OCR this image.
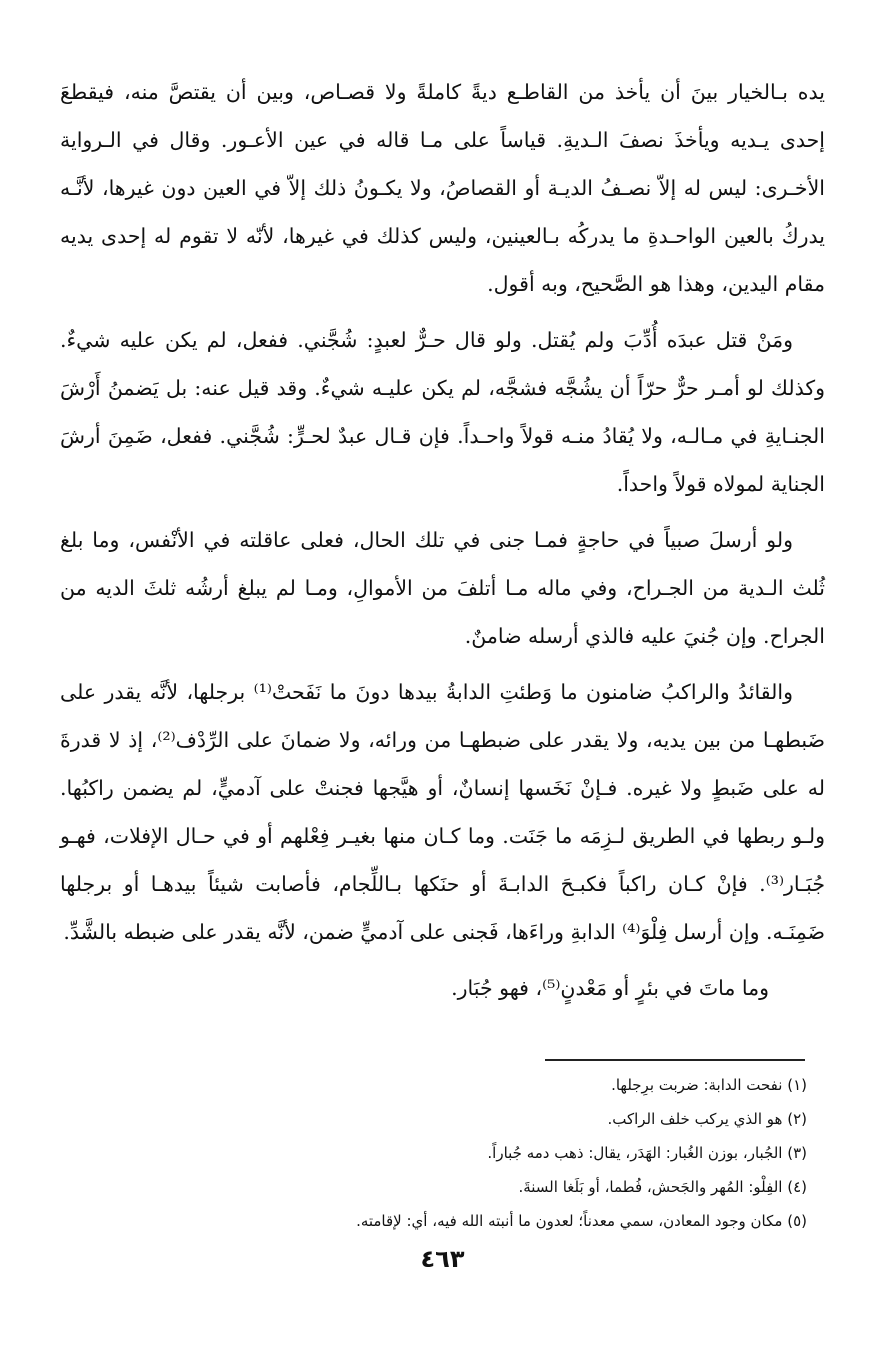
يده بـالخيار بينَ أن يأخذ من القاطـع ديةً كاملةً ولا قصـاص، وبين أن يقتصَّ منه، فيقطعَ إحدى يـديه ويأخذَ نصفَ الـديةِ. قياساً على مـا قاله في عين الأعـور. وقال في الـرواية الأخـرى: ليس له إلاّ نصـفُ الديـة أو القصاصُ، ولا يكـونُ ذلك إلاّ في العين دون غيرها، لأنَّـه يدركُ بالعين الواحـدةِ ما يدركُه بـالعينين، وليس كذلك في غيرها، لأنّه لا تقوم له إحدى يديه مقام اليدين، وهذا هو الصَّحيح، وبه أقول.

ومَنْ قتل عبدَه أُدِّبَ ولم يُقتل. ولو قال حـرٌّ لعبدٍ: شُجَّني. ففعل، لم يكن عليه شيءٌ. وكذلك لو أمـر حرٌّ حرّاً أن يشُجَّه فشجَّه، لم يكن عليـه شيءٌ. وقد قيل عنه: بل يَضمنُ أَرْشَ الجنـايةِ في مـالـه، ولا يُقادُ منـه قولاً واحـداً. فإن قـال عبدٌ لحـرٍّ: شُجَّني. ففعل، ضَمِنَ أرشَ الجناية لمولاه قولاً واحداً.

ولو أرسلَ صبياً في حاجةٍ فمـا جنى في تلك الحال، فعلى عاقلته في الأنْفس، وما بلغ ثُلث الـدية من الجـراح، وفي ماله مـا أتلفَ من الأموالِ، ومـا لم يبلغ أرشُه ثلثَ الديه من الجراح. وإن جُنيَ عليه فالذي أرسله ضامنٌ.

والقائدُ والراكبُ ضامنون ما وَطئتِ الدابةُ بيدها دونَ ما نَفَحتْ⁽¹⁾ برجلها، لأنَّه يقدر على ضَبطهـا من بين يديه، ولا يقدر على ضبطهـا من ورائه، ولا ضمانَ على الرِّدْف⁽²⁾، إذ لا قدرةَ له على ضَبطٍ ولا غيره. فـإنْ نَخَسها إنسانٌ، أو هيَّجها فجنتْ على آدميٍّ، لم يضمن راكبُها. ولـو ربطها في الطريق لـزِمَه ما جَنَت. وما كـان منها بغيـر فِعْلهم أو في حـال الإفلات، فهـو جُبَـار⁽³⁾. فإنْ كـان راكباً فكبـحَ الدابـةَ أو حنَكها بـاللِّجام، فأصابت شيئاً بيدهـا أو برجلها ضَمِنَـه. وإن أرسل فِلْوَ⁽⁴⁾ الدابةِ وراءَها، فَجنى على آدميٍّ ضمن، لأنَّه يقدر على ضبطه بالشَّدِّ.

وما ماتَ في بئرٍ أو مَعْدنٍ⁽⁵⁾، فهو جُبَار.

(١) نفحت الدابة: ضربت برِجلها.
(٢) هو الذي يركب خلف الراكب.
(٣) الجُبار، بوزن الغُبار: الهَدَر، يقال: ذهب دمه جُباراً.
(٤) الفِلْو: المُهر والجَحش، فُطما، أو بَلَغا السنةَ.
(٥) مكان وجود المعادن، سمي معدناً؛ لعدون ما أنبته الله فيه، أي: لإقامته.
٤٦٣
